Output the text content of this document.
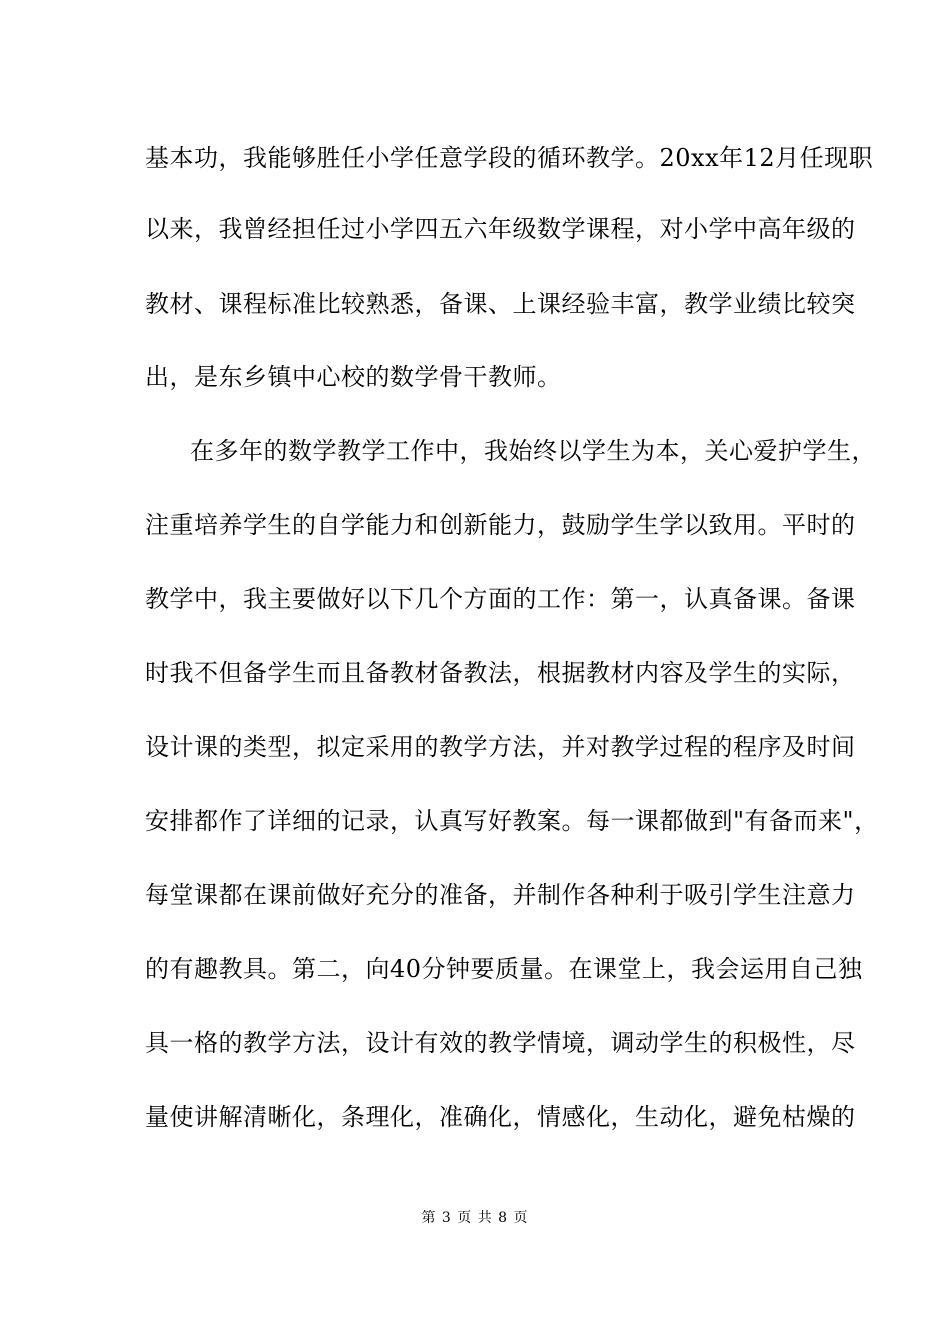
基本功，我能够胜任小学任意学段的循环教学。20xx年12月任现职
以来，我曾经担任过小学四五六年级数学课程，对小学中高年级的
教材、课程标准比较熟悉，备课、上课经验丰富，教学业绩比较突
出，是东乡镇中心校的数学骨干教师。
在多年的数学教学工作中，我始终以学生为本，关心爱护学生，
注重培养学生的自学能力和创新能力，鼓励学生学以致用。平时的
教学中，我主要做好以下几个方面的工作：第一，认真备课。备课
时我不但备学生而且备教材备教法，根据教材内容及学生的实际，
设计课的类型，拟定采用的教学方法，并对教学过程的程序及时间
安排都作了详细的记录，认真写好教案。每一课都做到"有备而来"，
每堂课都在课前做好充分的准备，并制作各种利于吸引学生注意力
的有趣教具。第二，向40分钟要质量。在课堂上，我会运用自己独
具一格的教学方法，设计有效的教学情境，调动学生的积极性，尽
量使讲解清晰化，条理化，准确化，情感化，生动化，避免枯燥的
第 3 页 共 8 页
